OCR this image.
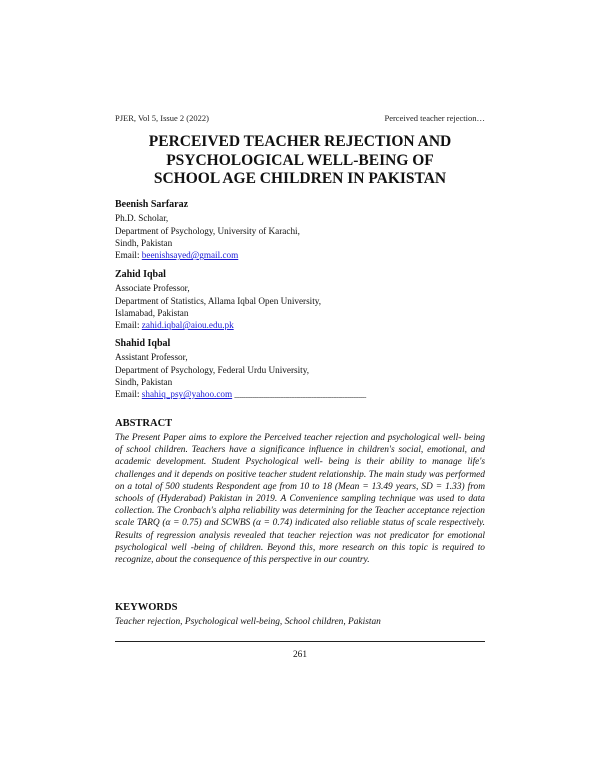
PJER, Vol 5, Issue 2 (2022)	Perceived teacher rejection…
PERCEIVED TEACHER REJECTION AND
PSYCHOLOGICAL WELL-BEING OF
SCHOOL AGE CHILDREN IN PAKISTAN
Beenish Sarfaraz
Ph.D. Scholar,
Department of Psychology, University of Karachi,
Sindh, Pakistan
Email: beenishsayed@gmail.com
Zahid Iqbal
Associate Professor,
Department of Statistics, Allama Iqbal Open University,
Islamabad, Pakistan
Email: zahid.iqbal@aiou.edu.pk
Shahid Iqbal
Assistant Professor,
Department of Psychology, Federal Urdu University,
Sindh, Pakistan
Email: shahiq_psy@yahoo.com ------------------------------------------------------------------------
ABSTRACT
The Present Paper aims to explore the Perceived teacher rejection and psychological well- being of school children. Teachers have a significance influence in children's social, emotional, and academic development. Student Psychological well- being is their ability to manage life's challenges and it depends on positive teacher student relationship. The main study was performed on a total of 500 students Respondent age from 10 to 18 (Mean = 13.49 years, SD = 1.33) from schools of (Hyderabad) Pakistan in 2019. A Convenience sampling technique was used to data collection. The Cronbach's alpha reliability was determining for the Teacher acceptance rejection scale TARQ (α = 0.75) and SCWBS (α = 0.74) indicated also reliable status of scale respectively. Results of regression analysis revealed that teacher rejection was not predicator for emotional psychological well -being of children. Beyond this, more research on this topic is required to recognize, about the consequence of this perspective in our country.
KEYWORDS
Teacher rejection, Psychological well-being, School children, Pakistan
261
